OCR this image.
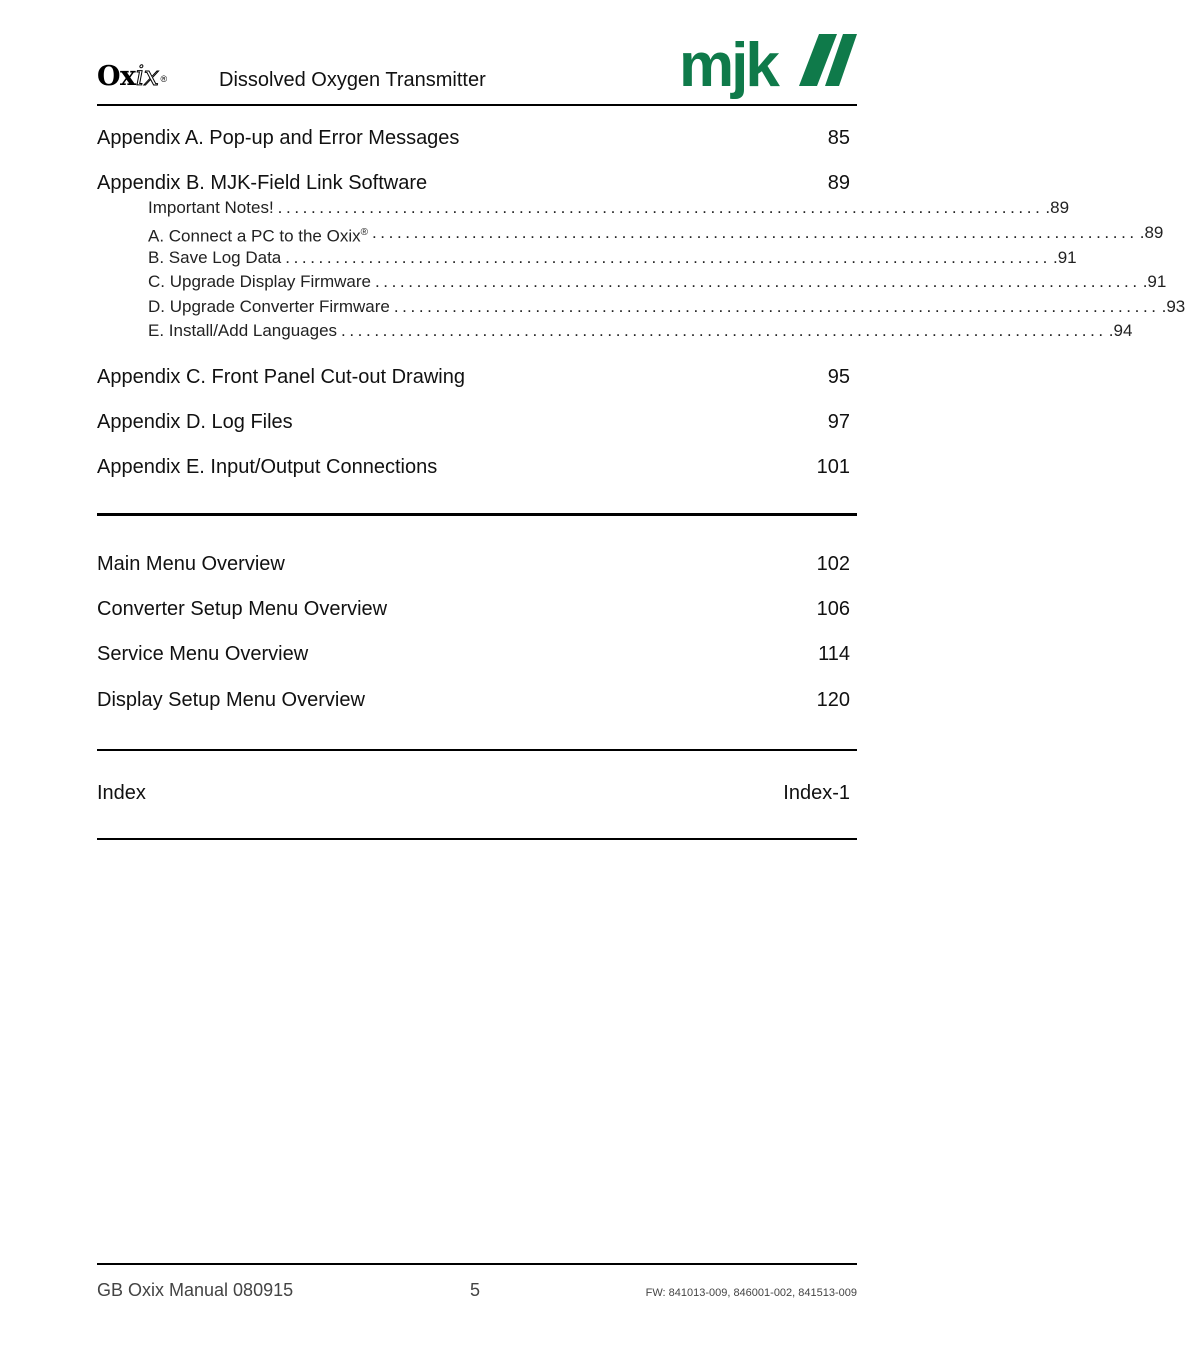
Oxix ®	Dissolved Oxygen Transmitter	mjk
Appendix A. Pop-up and Error Messages	85
Appendix B. MJK-Field Link Software	89
Important Notes! ............................................................................................ .89
A. Connect a PC to the Oxix® ............................................................................................ .89
B. Save Log Data ............................................................................................ .91
C. Upgrade Display Firmware ............................................................................................ .91
D. Upgrade Converter Firmware ............................................................................................ .93
E. Install/Add Languages ............................................................................................ .94
Appendix C. Front Panel Cut-out Drawing	95
Appendix D. Log Files	97
Appendix E. Input/Output Connections	101
Main Menu Overview	102
Converter Setup Menu Overview	106
Service Menu Overview	114
Display Setup Menu Overview	120
Index	Index-1
GB Oxix Manual 080915	5	FW: 841013-009, 846001-002, 841513-009
